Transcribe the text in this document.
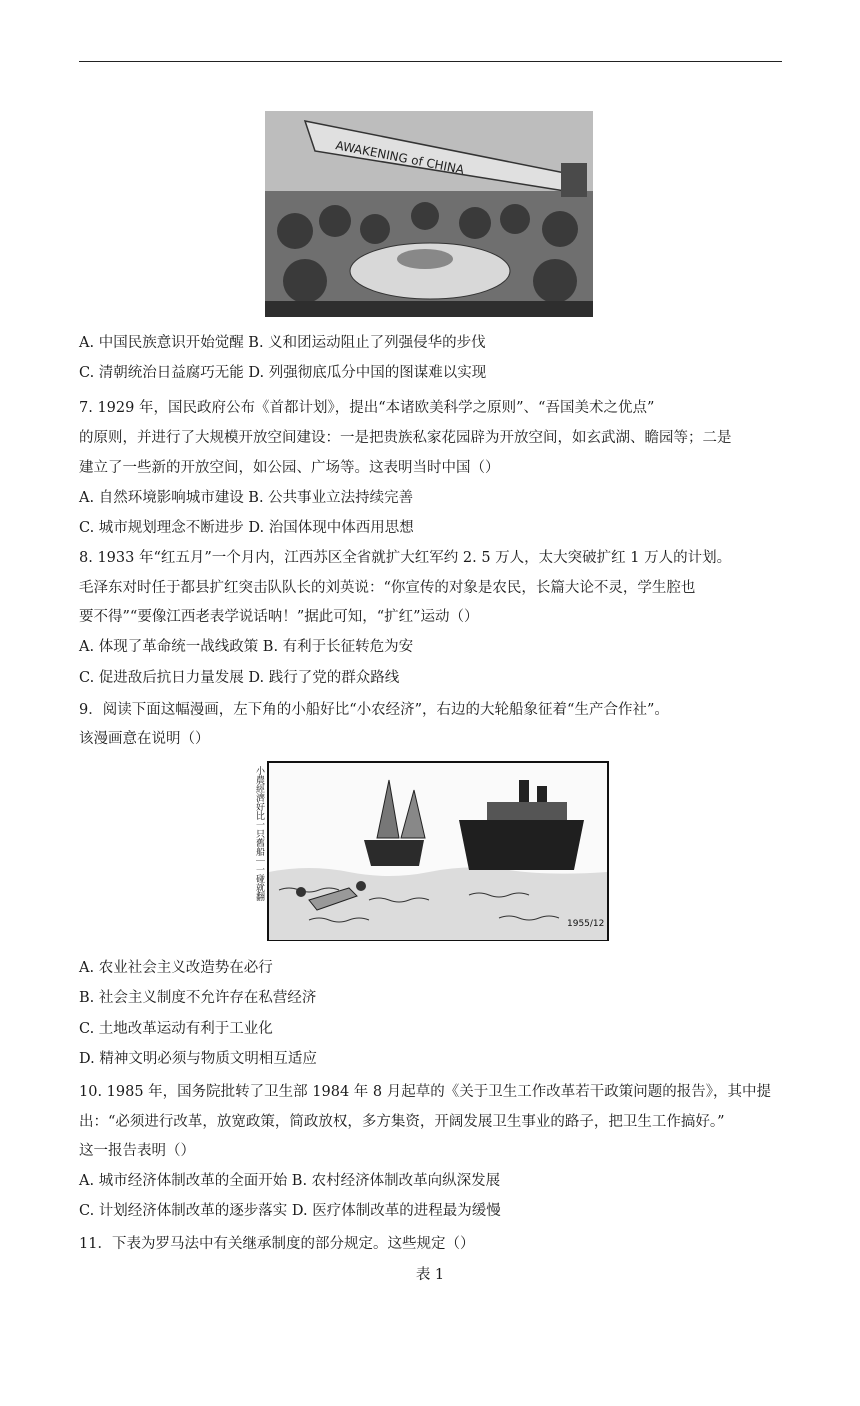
AWAKENING of CHINA
A. 中国民族意识开始觉醒 B. 义和团运动阻止了列强侵华的步伐
C. 清朝统治日益腐巧无能 D. 列强彻底瓜分中国的图谋难以实现
7. 1929 年，国民政府公布《首都计划》，提出“本诸欧美科学之原则”、“吾国美术之优点”
的原则，并进行了大规模开放空间建设：一是把贵族私家花园辟为开放空间，如玄武湖、瞻园等；二是
建立了一些新的开放空间，如公园、广场等。这表明当时中国（）
A. 自然环境影响城市建设 B. 公共事业立法持续完善
C. 城市规划理念不断进步 D. 治国体现中体西用思想
8. 1933 年“红五月”一个月内，江西苏区全省就扩大红军约 2. 5 万人，太大突破扩红 1 万人的计划。
毛泽东对时任于都县扩红突击队队长的刘英说：“你宣传的对象是农民，长篇大论不灵，学生腔也
要不得”“要像江西老表学说话呐！”据此可知，“扩红”运动（）
A. 体现了革命统一战线政策 B. 有利于长征转危为安
C. 促进敌后抗日力量发展 D. 践行了党的群众路线
9．阅读下面这幅漫画，左下角的小船好比“小农经济”，右边的大轮船象征着“生产合作社”。
该漫画意在说明（）
小農經濟好比一只舊船｜一碰就翻
1955/12
A. 农业社会主义改造势在必行
B. 社会主义制度不允许存在私营经济
C. 土地改革运动有利于工业化
D. 精神文明必须与物质文明相互适应
10. 1985 年，国务院批转了卫生部 1984 年 8 月起草的《关于卫生工作改革若干政策问题的报告》，其中提
出：“必须进行改革，放宽政策，简政放权，多方集资，开阔发展卫生事业的路子，把卫生工作搞好。”
这一报告表明（）
A. 城市经济体制改革的全面开始 B. 农村经济体制改革向纵深发展
C. 计划经济体制改革的逐步落实 D. 医疗体制改革的进程最为缓慢
11．下表为罗马法中有关继承制度的部分规定。这些规定（）
表 1
